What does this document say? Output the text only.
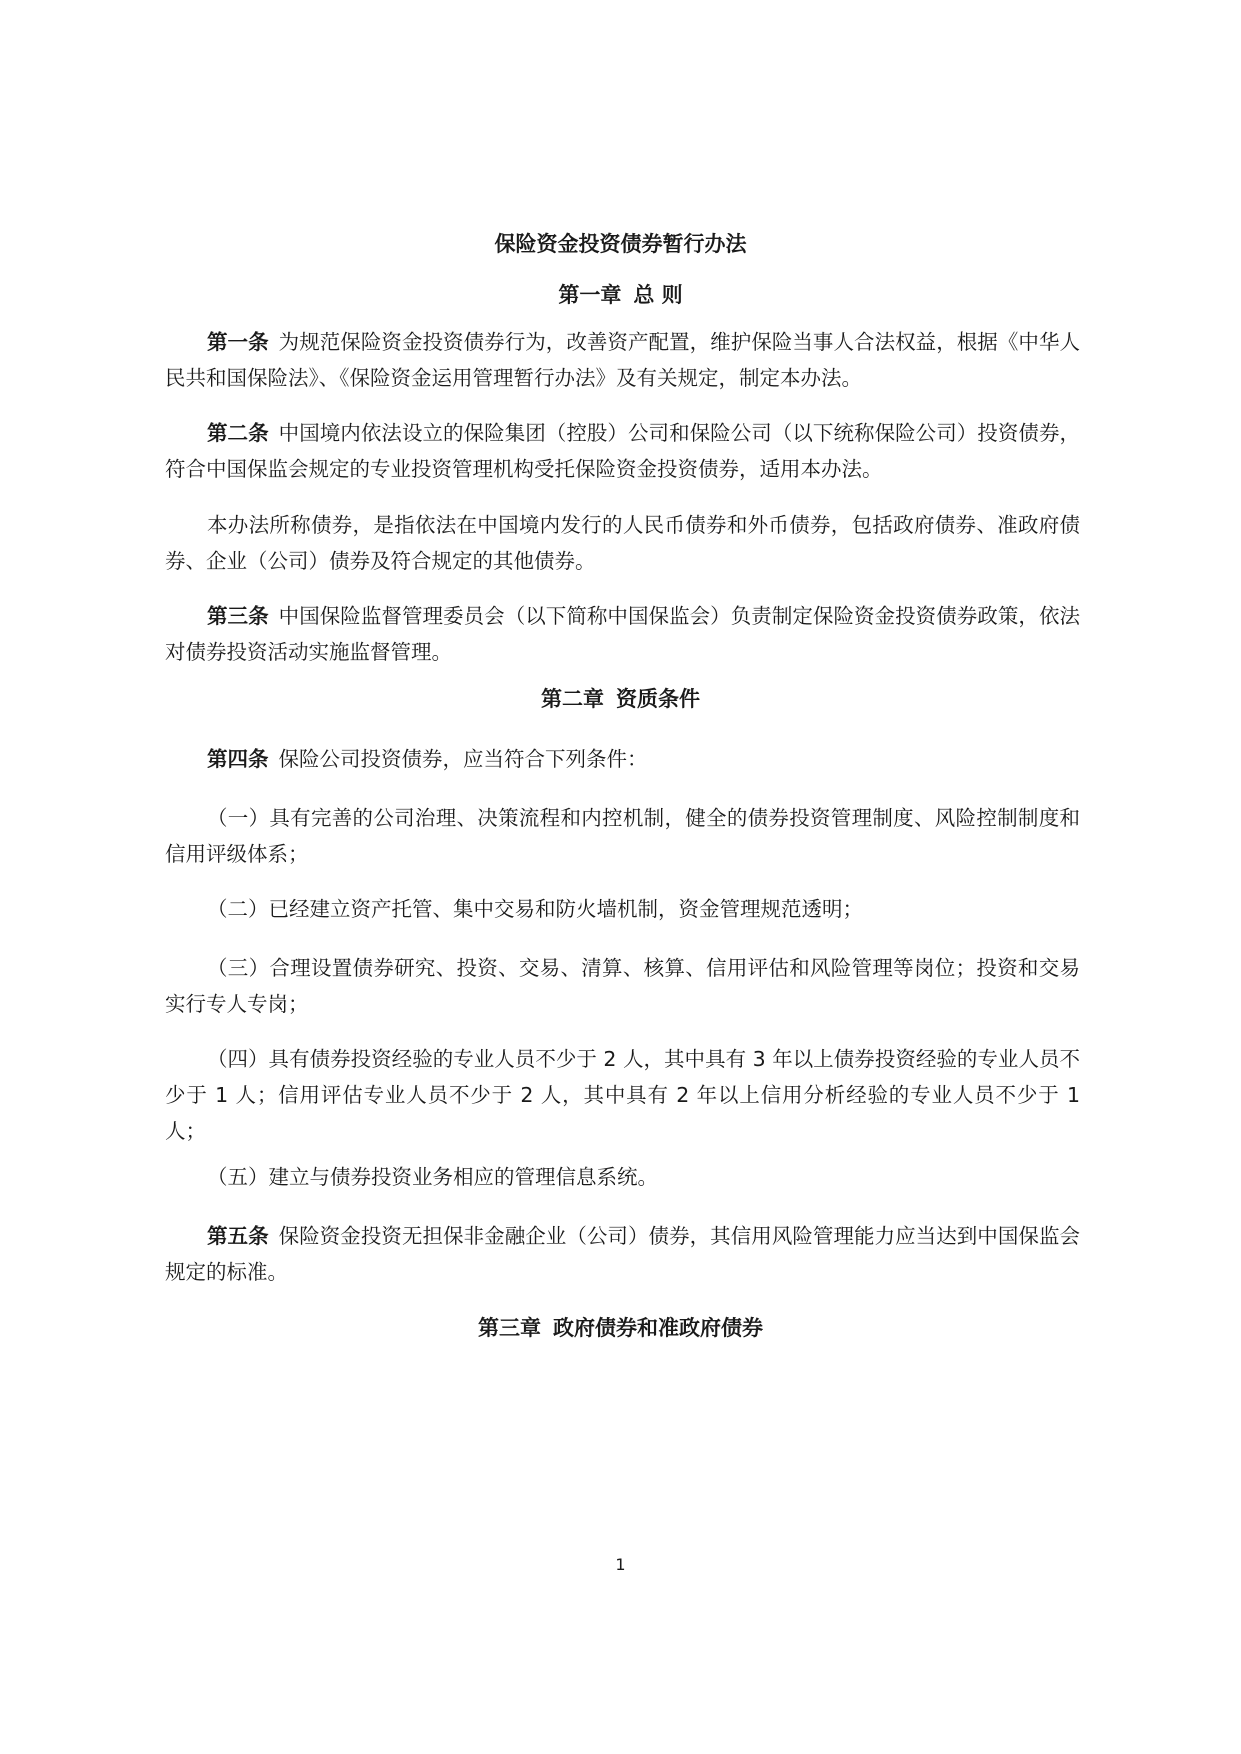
保险资金投资债券暂行办法
第一章 总 则
第一条 为规范保险资金投资债券行为，改善资产配置，维护保险当事人合法权益，根据《中华人民共和国保险法》、《保险资金运用管理暂行办法》及有关规定，制定本办法。
第二条 中国境内依法设立的保险集团（控股）公司和保险公司（以下统称保险公司）投资债券，符合中国保监会规定的专业投资管理机构受托保险资金投资债券，适用本办法。
本办法所称债券，是指依法在中国境内发行的人民币债券和外币债券，包括政府债券、准政府债券、企业（公司）债券及符合规定的其他债券。
第三条 中国保险监督管理委员会（以下简称中国保监会）负责制定保险资金投资债券政策，依法对债券投资活动实施监督管理。
第二章 资质条件
第四条 保险公司投资债券，应当符合下列条件：
（一）具有完善的公司治理、决策流程和内控机制，健全的债券投资管理制度、风险控制制度和信用评级体系；
（二）已经建立资产托管、集中交易和防火墙机制，资金管理规范透明；
（三）合理设置债券研究、投资、交易、清算、核算、信用评估和风险管理等岗位；投资和交易实行专人专岗；
（四）具有债券投资经验的专业人员不少于 2 人，其中具有 3 年以上债券投资经验的专业人员不少于 1 人；信用评估专业人员不少于 2 人，其中具有 2 年以上信用分析经验的专业人员不少于 1 人；
（五）建立与债券投资业务相应的管理信息系统。
第五条 保险资金投资无担保非金融企业（公司）债券，其信用风险管理能力应当达到中国保监会规定的标准。
第三章 政府债券和准政府债券
1
